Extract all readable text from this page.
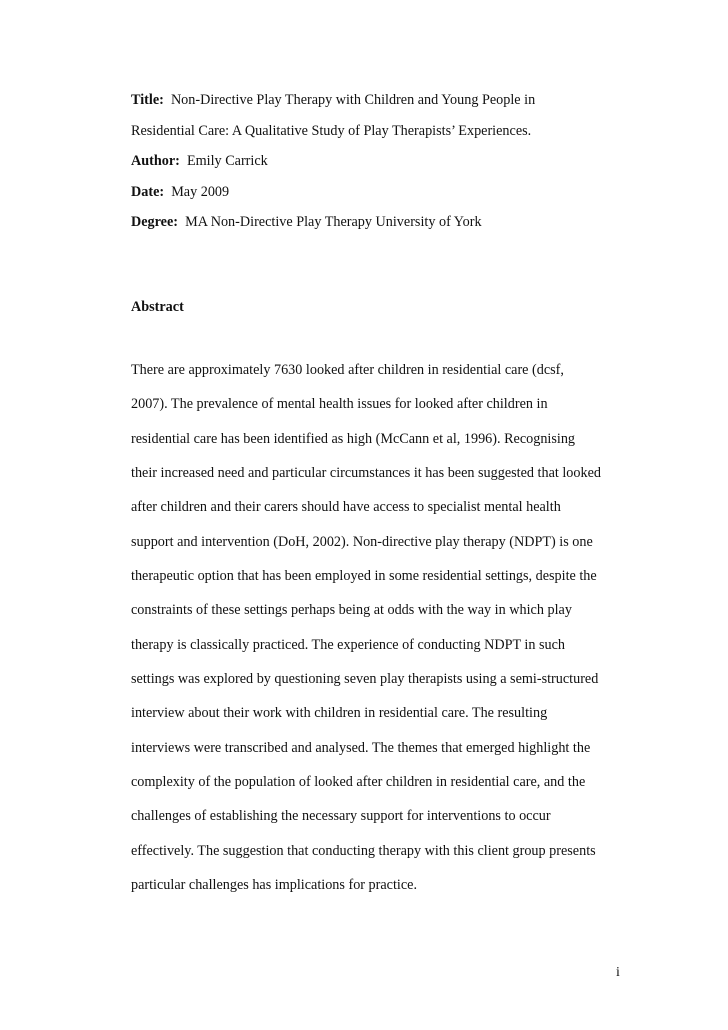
Title: Non-Directive Play Therapy with Children and Young People in
Residential Care: A Qualitative Study of Play Therapists’ Experiences.
Author: Emily Carrick
Date: May 2009
Degree: MA Non-Directive Play Therapy University of York
Abstract
There are approximately 7630 looked after children in residential care (dcsf,
2007). The prevalence of mental health issues for looked after children in
residential care has been identified as high (McCann et al, 1996). Recognising
their increased need and particular circumstances it has been suggested that looked
after children and their carers should have access to specialist mental health
support and intervention (DoH, 2002). Non-directive play therapy (NDPT) is one
therapeutic option that has been employed in some residential settings, despite the
constraints of these settings perhaps being at odds with the way in which play
therapy is classically practiced. The experience of conducting NDPT in such
settings was explored by questioning seven play therapists using a semi-structured
interview about their work with children in residential care. The resulting
interviews were transcribed and analysed. The themes that emerged highlight the
complexity of the population of looked after children in residential care, and the
challenges of establishing the necessary support for interventions to occur
effectively. The suggestion that conducting therapy with this client group presents
particular challenges has implications for practice.
i
